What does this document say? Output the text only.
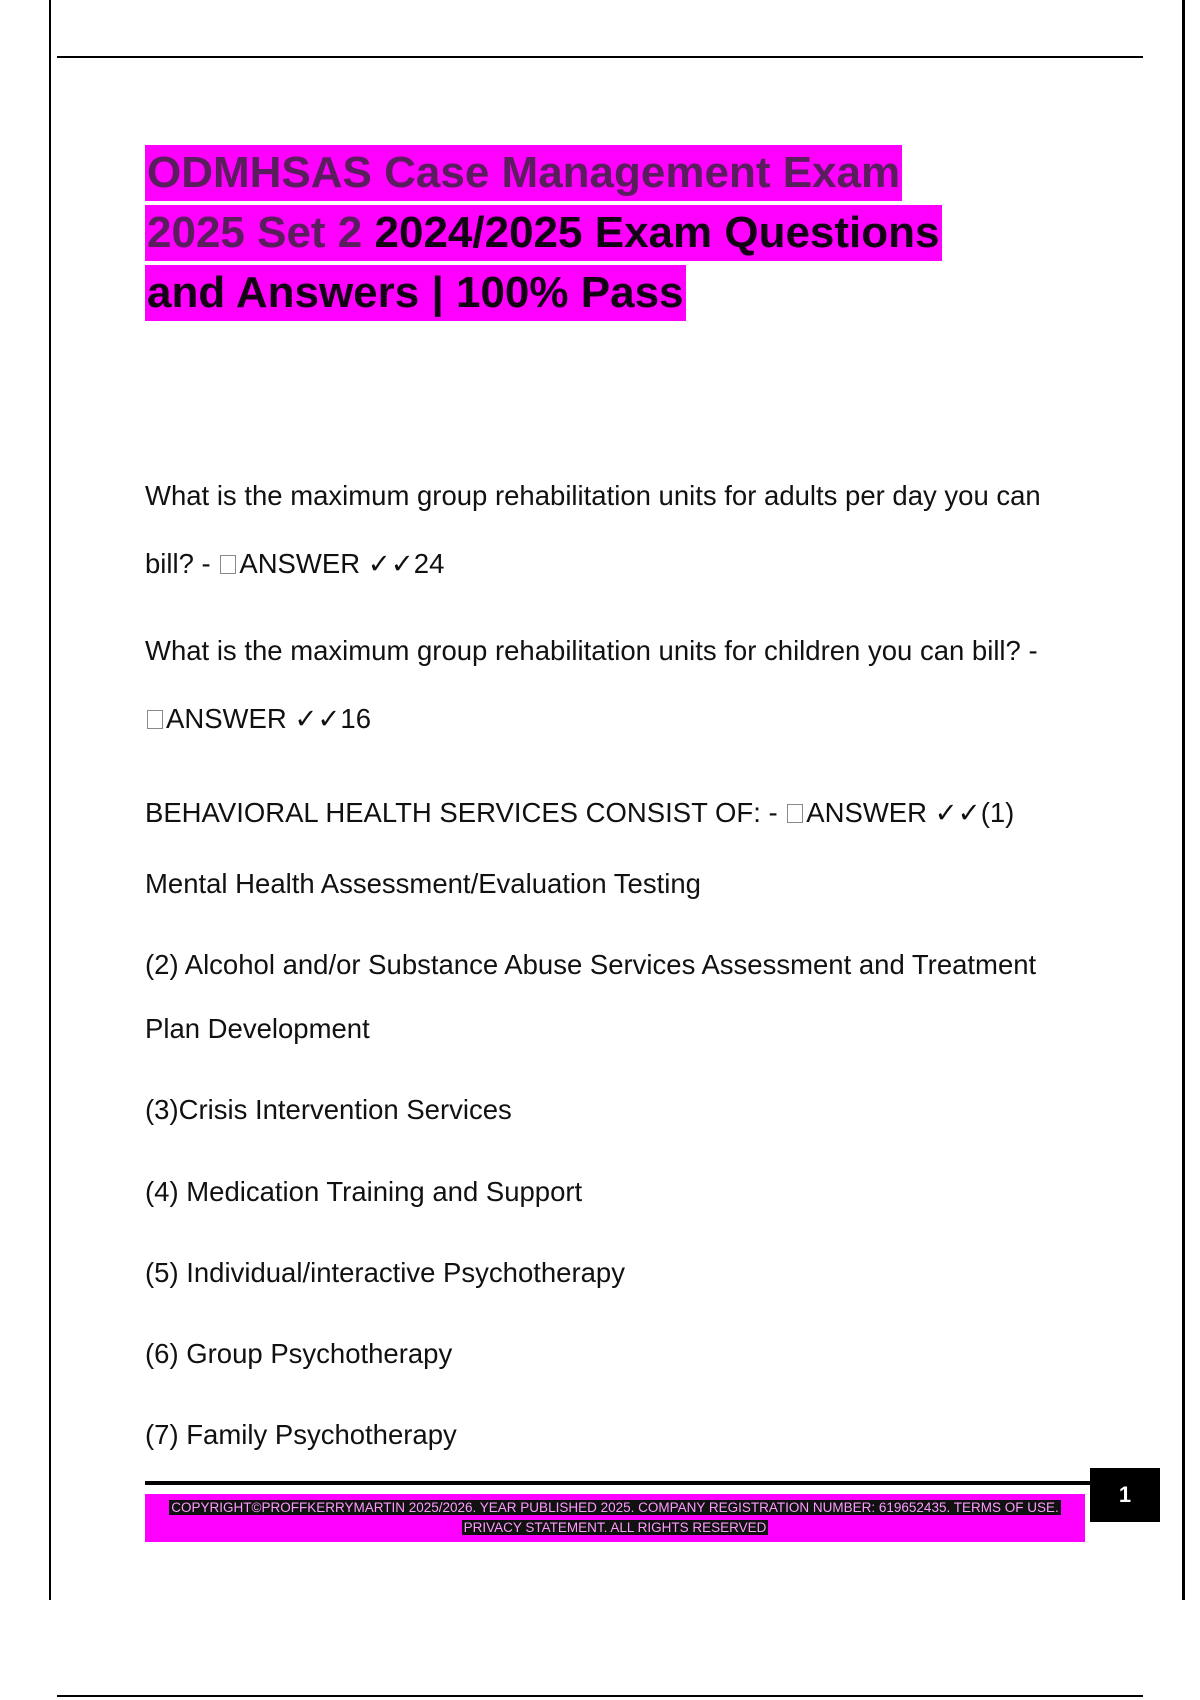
ODMHSAS Case Management Exam
2025 Set 2 2024/2025 Exam Questions
and Answers | 100% Pass
What is the maximum group rehabilitation units for adults per day you can
bill? - ANSWER ✓✓24
What is the maximum group rehabilitation units for children you can bill? -
ANSWER ✓✓16
BEHAVIORAL HEALTH SERVICES CONSIST OF: - ANSWER ✓✓(1)
Mental Health Assessment/Evaluation Testing
(2) Alcohol and/or Substance Abuse Services Assessment and Treatment
Plan Development
(3)Crisis Intervention Services
(4) Medication Training and Support
(5) Individual/interactive Psychotherapy
(6) Group Psychotherapy
(7) Family Psychotherapy
COPYRIGHT©PROFFKERRYMARTIN 2025/2026. YEAR PUBLISHED 2025. COMPANY REGISTRATION NUMBER: 619652435. TERMS OF USE.
PRIVACY STATEMENT. ALL RIGHTS RESERVED
1
